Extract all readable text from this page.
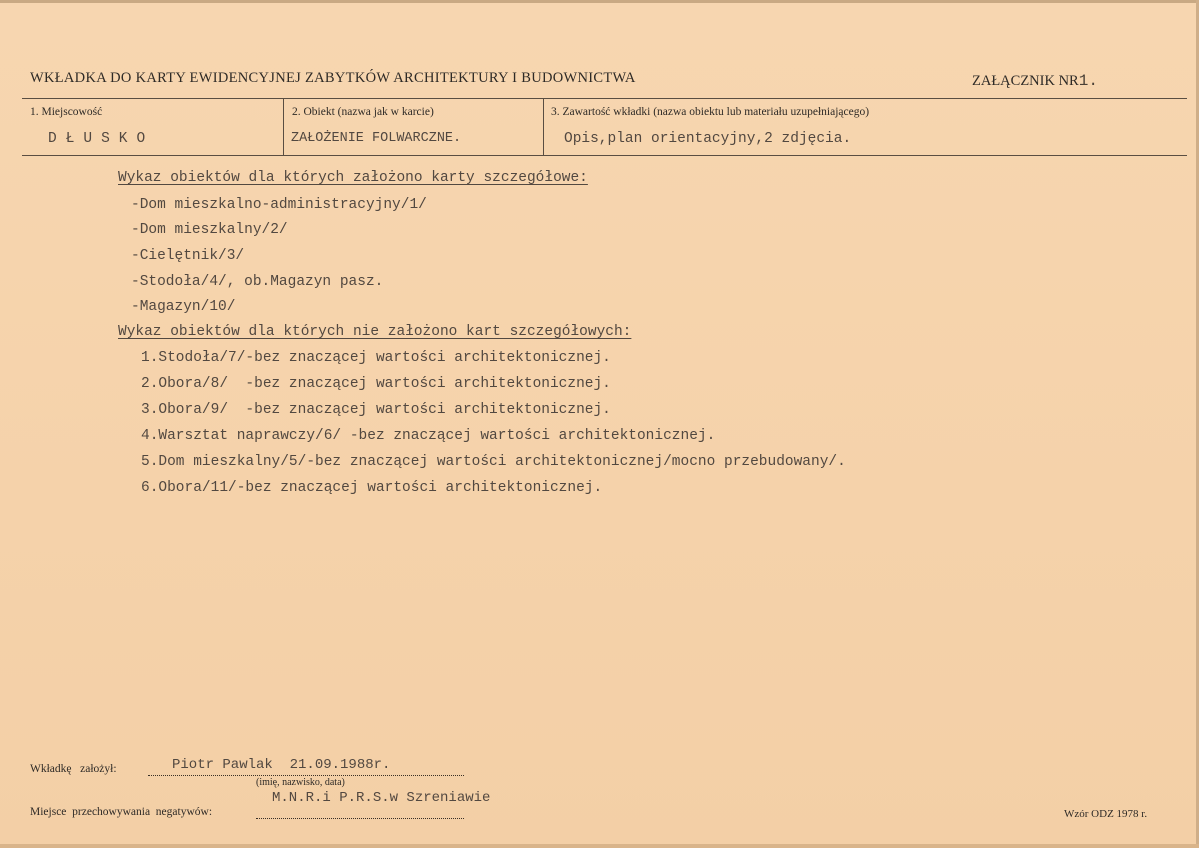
WKŁADKA DO KARTY EWIDENCYJNEJ ZABYTKÓW ARCHITEKTURY I BUDOWNICTWA	ZAŁĄCZNIK NR1.
1. Miejscowość
DŁUSKO
2. Obiekt (nazwa jak w karcie)
ZAŁOŻENIE FOLWARCZNE.
3. Zawartość wkładki (nazwa obiektu lub materiału uzupełniającego)
Opis,plan orientacyjny,2 zdjęcia.
Wykaz obiektów dla których założono karty szczegółowe:
-Dom mieszkalno-administracyjny/1/
-Dom mieszkalny/2/
-Cielętnik/3/
-Stodoła/4/, ob.Magazyn pasz.
-Magazyn/10/
Wykaz obiektów dla których nie założono kart szczegółowych:
1.Stodoła/7/-bez znaczącej wartości architektonicznej.
2.Obora/8/  -bez znaczącej wartości architektonicznej.
3.Obora/9/  -bez znaczącej wartości architektonicznej.
4.Warsztat naprawczy/6/ -bez znaczącej wartości architektonicznej.
5.Dom mieszkalny/5/-bez znaczącej wartości architektonicznej/mocno przebudowany/.
6.Obora/11/-bez znaczącej wartości architektonicznej.
Wkładkę   założył:	Piotr Pawlak  21.09.1988r.
(imię, nazwisko, data)
Miejsce  przechowywania  negatywów:
M.N.R.i P.R.S.w Szreniawie
Wzór ODZ 1978 r.
